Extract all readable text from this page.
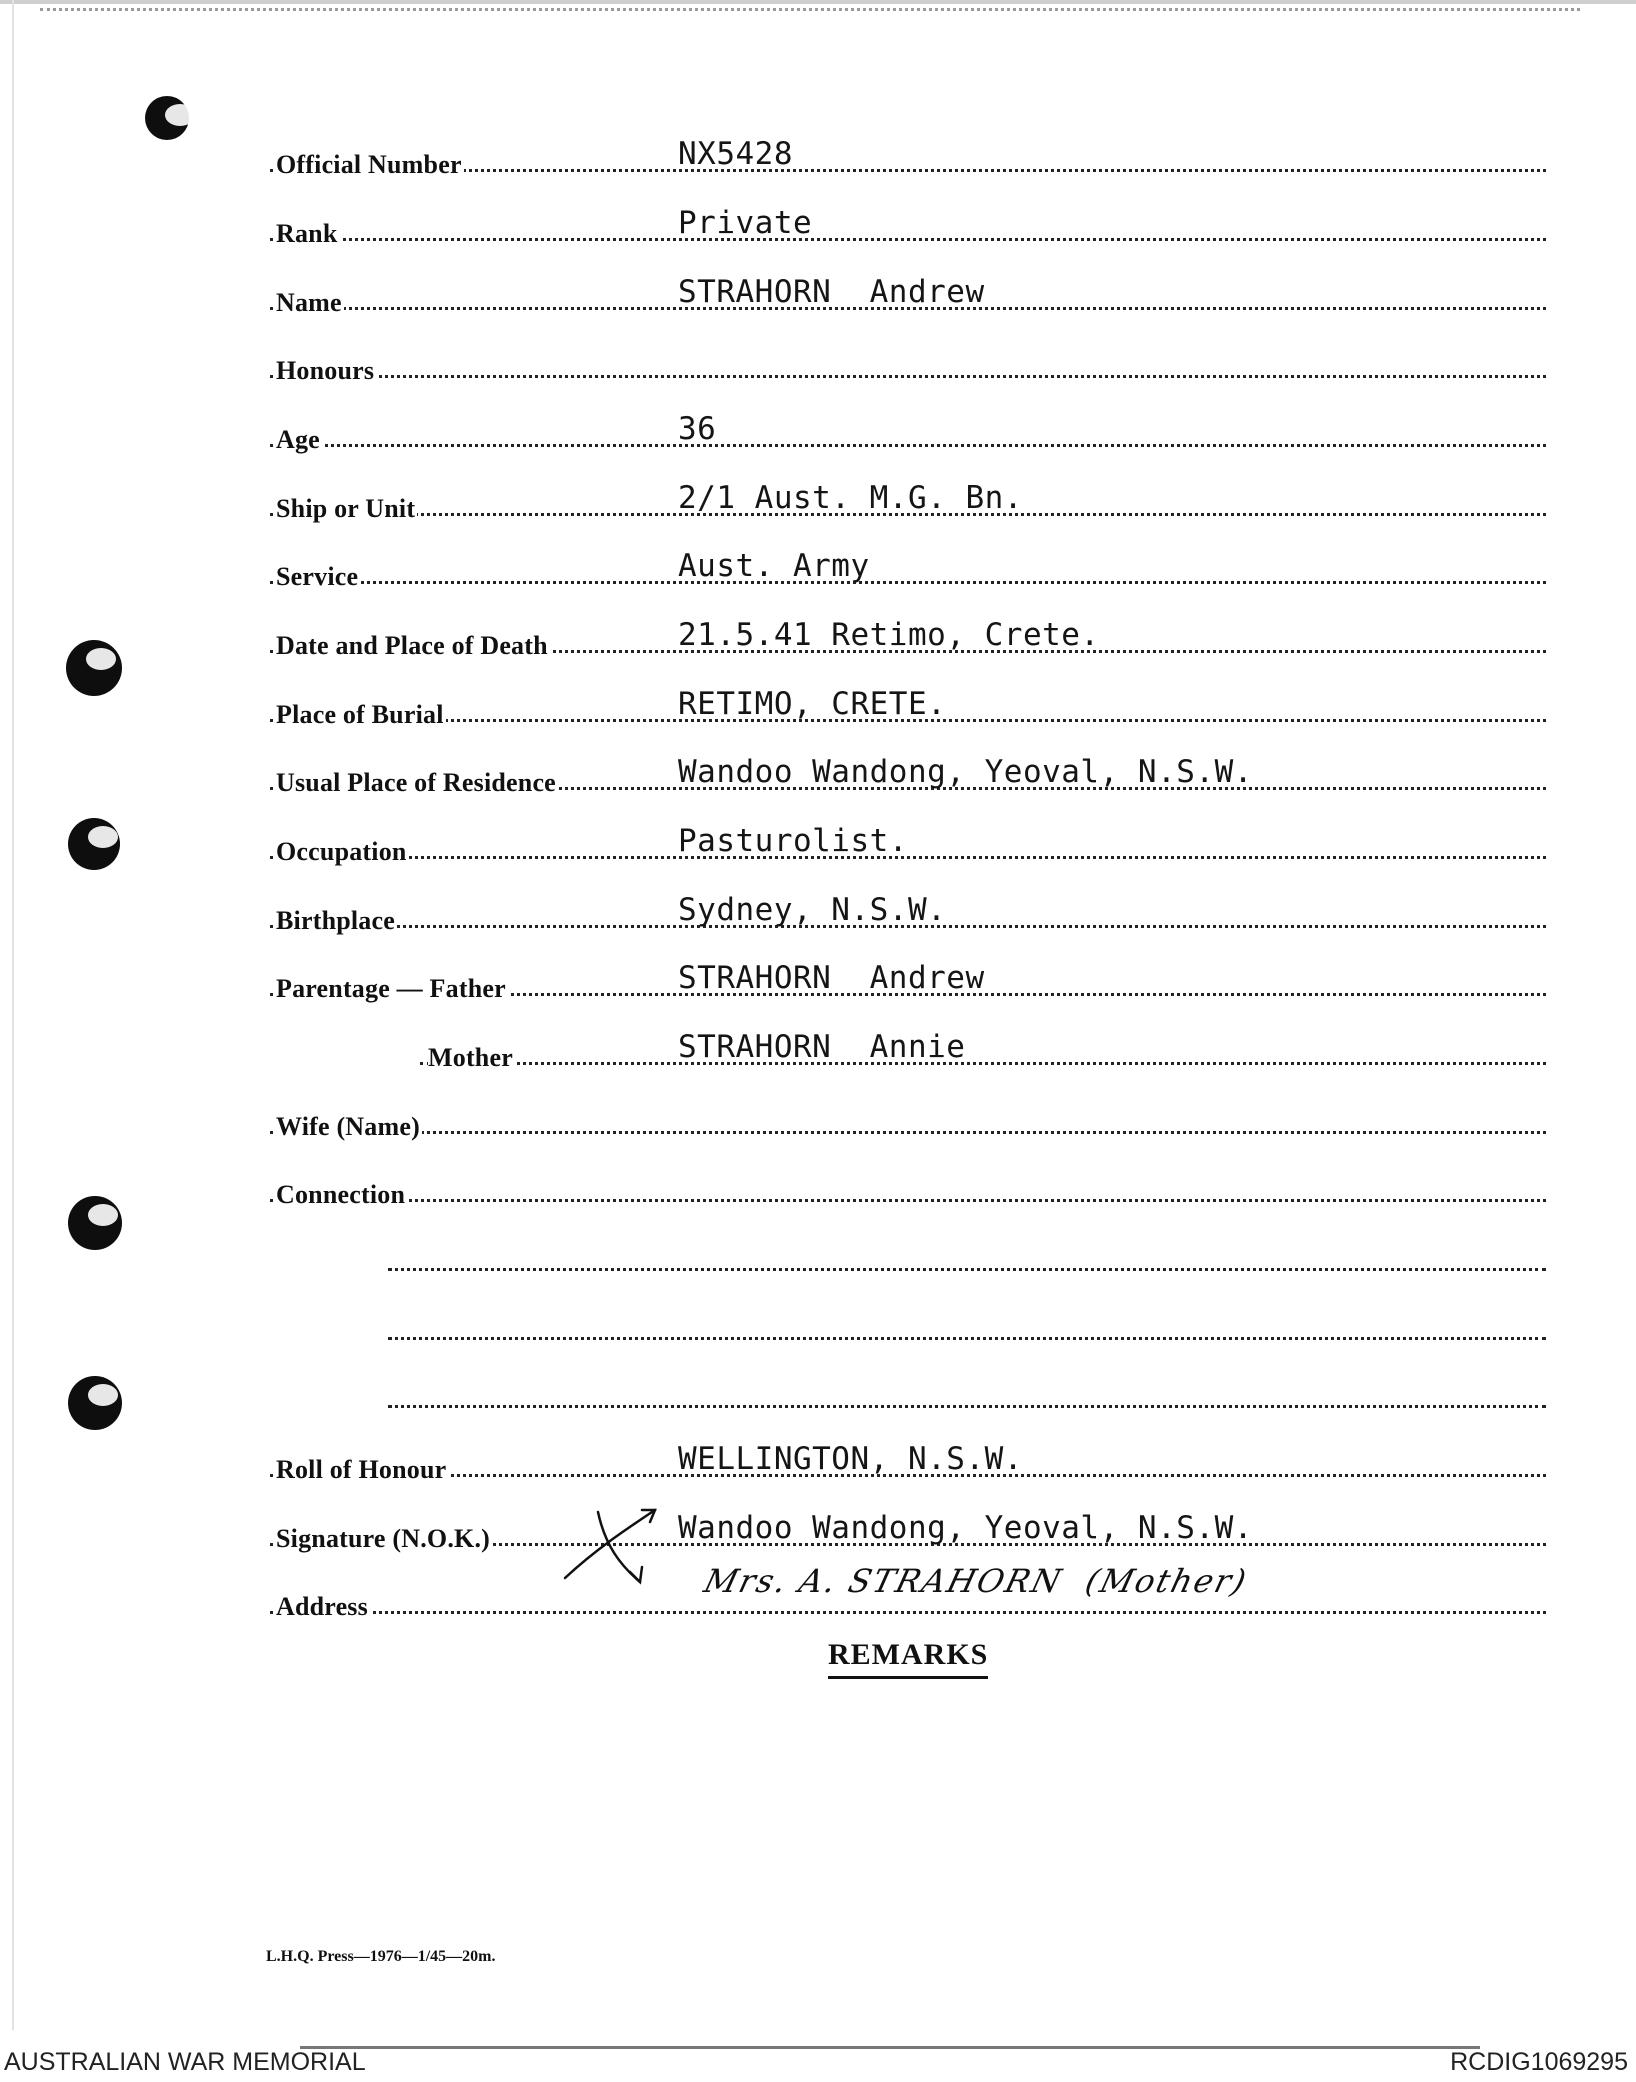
Official Number	NX5428
Rank	Private
Name	STRAHORN  Andrew
Honours
Age	36
Ship or Unit	2/1 Aust. M.G. Bn.
Service	Aust. Army
Date and Place of Death	21.5.41 Retimo, Crete.
Place of Burial	RETIMO, CRETE.
Usual Place of Residence	Wandoo Wandong, Yeoval, N.S.W.
Occupation	Pasturolist.
Birthplace	Sydney, N.S.W.
Parentage — Father	STRAHORN  Andrew
Mother	STRAHORN  Annie
Wife (Name)
Connection
Roll of Honour	WELLINGTON, N.S.W.
Signature (N.O.K.)	Wandoo Wandong, Yeoval, N.S.W.
Address
Mrs. A. STRAHORN  (Mother)
REMARKS
L.H.Q. Press—1976—1/45—20m.
AUSTRALIAN WAR MEMORIAL	RCDIG1069295
